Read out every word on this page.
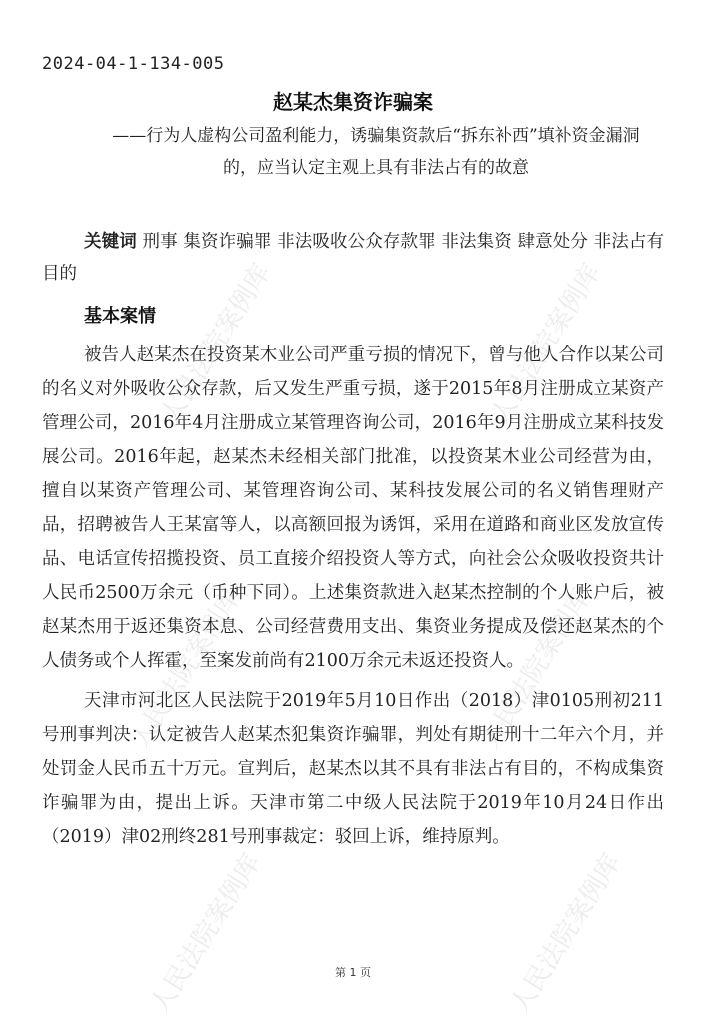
人民法院案例库	人民法院案例库
人民法院案例库	人民法院案例库
人民法院案例库	人民法院案例库
2024-04-1-134-005
赵某杰集资诈骗案
——行为人虚构公司盈利能力，诱骗集资款后“拆东补西”填补资金漏洞的，应当认定主观上具有非法占有的故意
关键词 刑事 集资诈骗罪 非法吸收公众存款罪 非法集资 肆意处分 非法占有目的
基本案情

被告人赵某杰在投资某木业公司严重亏损的情况下，曾与他人合作以某公司的名义对外吸收公众存款，后又发生严重亏损，遂于2015年8月注册成立某资产管理公司，2016年4月注册成立某管理咨询公司，2016年9月注册成立某科技发展公司。2016年起，赵某杰未经相关部门批准，以投资某木业公司经营为由，擅自以某资产管理公司、某管理咨询公司、某科技发展公司的名义销售理财产品，招聘被告人王某富等人，以高额回报为诱饵，采用在道路和商业区发放宣传品、电话宣传招揽投资、员工直接介绍投资人等方式，向社会公众吸收投资共计人民币2500万余元（币种下同）。上述集资款进入赵某杰控制的个人账户后，被赵某杰用于返还集资本息、公司经营费用支出、集资业务提成及偿还赵某杰的个人债务或个人挥霍，至案发前尚有2100万余元未返还投资人。

天津市河北区人民法院于2019年5月10日作出（2018）津0105刑初211号刑事判决：认定被告人赵某杰犯集资诈骗罪，判处有期徒刑十二年六个月，并处罚金人民币五十万元。宣判后，赵某杰以其不具有非法占有目的，不构成集资诈骗罪为由，提出上诉。天津市第二中级人民法院于2019年10月24日作出（2019）津02刑终281号刑事裁定：驳回上诉，维持原判。

第 1 页
